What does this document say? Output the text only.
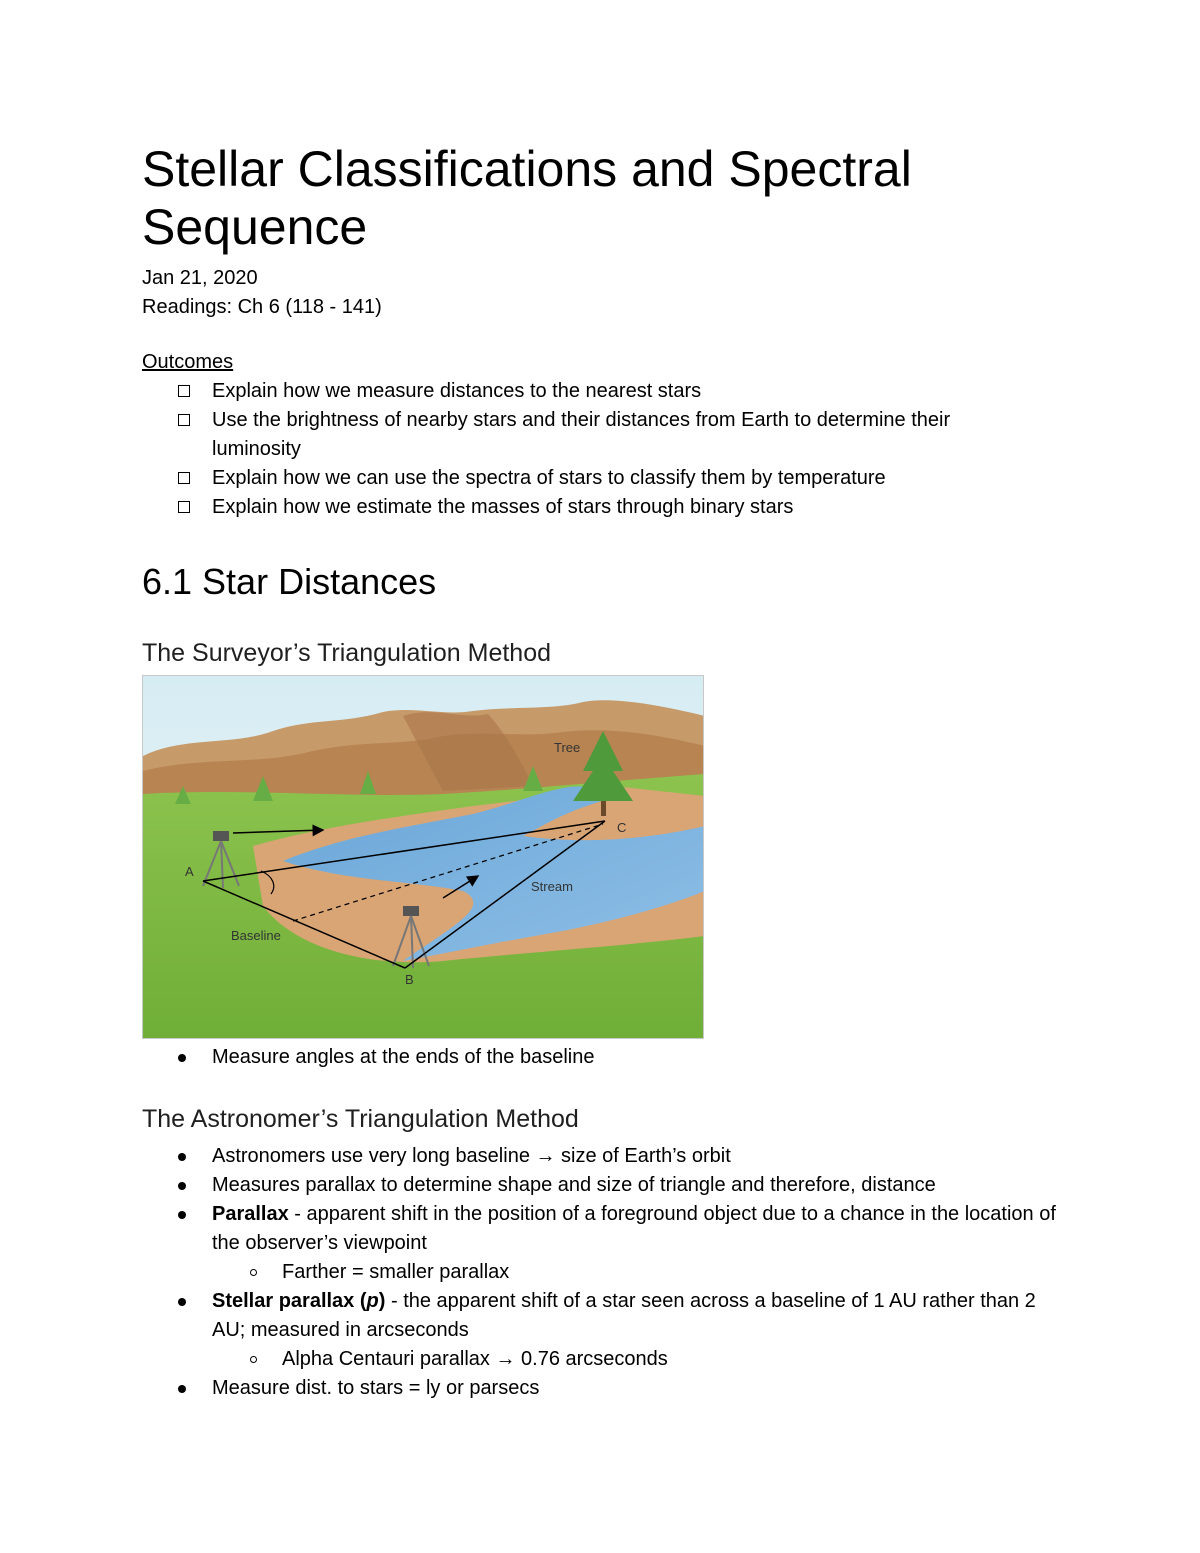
Stellar Classifications and Spectral Sequence
Jan 21, 2020
Readings: Ch 6 (118 - 141)
Outcomes
Explain how we measure distances to the nearest stars
Use the brightness of nearby stars and their distances from Earth to determine their luminosity
Explain how we can use the spectra of stars to classify them by temperature
Explain how we estimate the masses of stars through binary stars
6.1 Star Distances
The Surveyor’s Triangulation Method
Tree
C
A
B
Stream
Baseline
Measure angles at the ends of the baseline
The Astronomer’s Triangulation Method
Astronomers use very long baseline → size of Earth’s orbit
Measures parallax to determine shape and size of triangle and therefore, distance
Parallax - apparent shift in the position of a foreground object due to a chance in the location of the observer’s viewpoint
Farther = smaller parallax
Stellar parallax (p) - the apparent shift of a star seen across a baseline of 1 AU rather than 2 AU; measured in arcseconds
Alpha Centauri parallax → 0.76 arcseconds
Measure dist. to stars = ly or parsecs
